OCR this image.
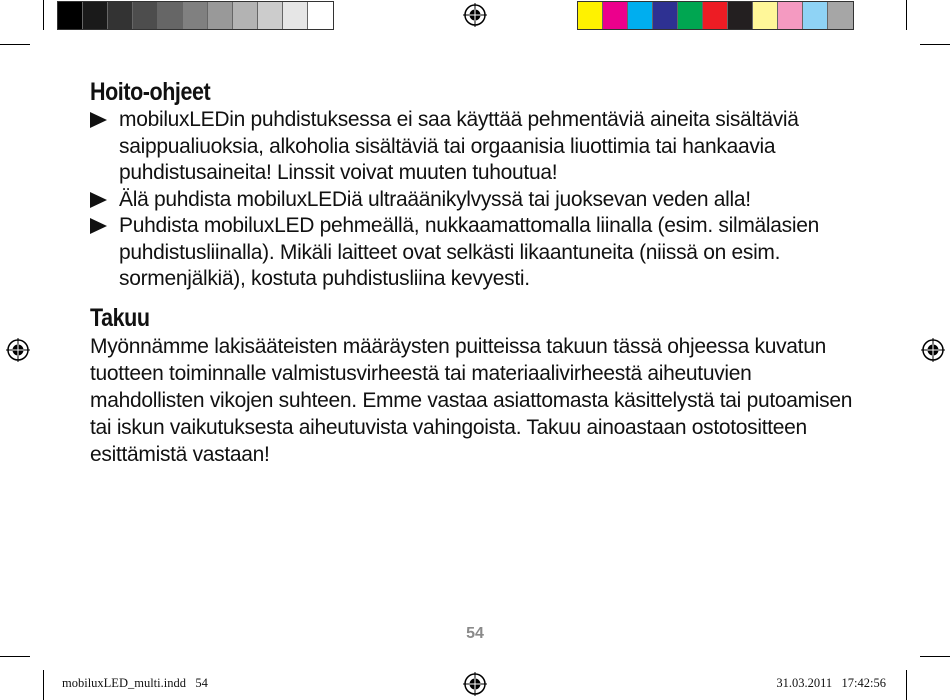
Hoito-ohjeet
mobiluxLEDin puhdistuksessa ei saa käyttää pehmentäviä aineita sisältäviä saippualiuoksia, alkoholia sisältäviä tai orgaanisia liuottimia tai hankaavia puhdistusaineita! Linssit voivat muuten tuhoutua!
Älä puhdista mobiluxLEDiä ultraäänikylvyssä tai juoksevan veden alla!
Puhdista mobiluxLED pehmeällä, nukkaamattomalla liinalla (esim. silmälasien puhdistusliinalla). Mikäli laitteet ovat selkästi likaantuneita (niissä on esim. sormenjälkiä), kostuta puhdistusliina kevyesti.
Takuu

Myönnämme lakisääteisten määräysten puitteissa takuun tässä ohjeessa kuvatun tuotteen toiminnalle valmistusvirheestä tai materiaalivirheestä aiheutuvien mahdollisten vikojen suhteen. Emme vastaa asiattomasta käsittelystä tai putoamisen tai iskun vaikutuksesta aiheutuvista vahingoista. Takuu ainoastaan ostotositteen esittämistä vastaan!

54
mobiluxLED_multi.indd   54	31.03.2011   17:42:56
